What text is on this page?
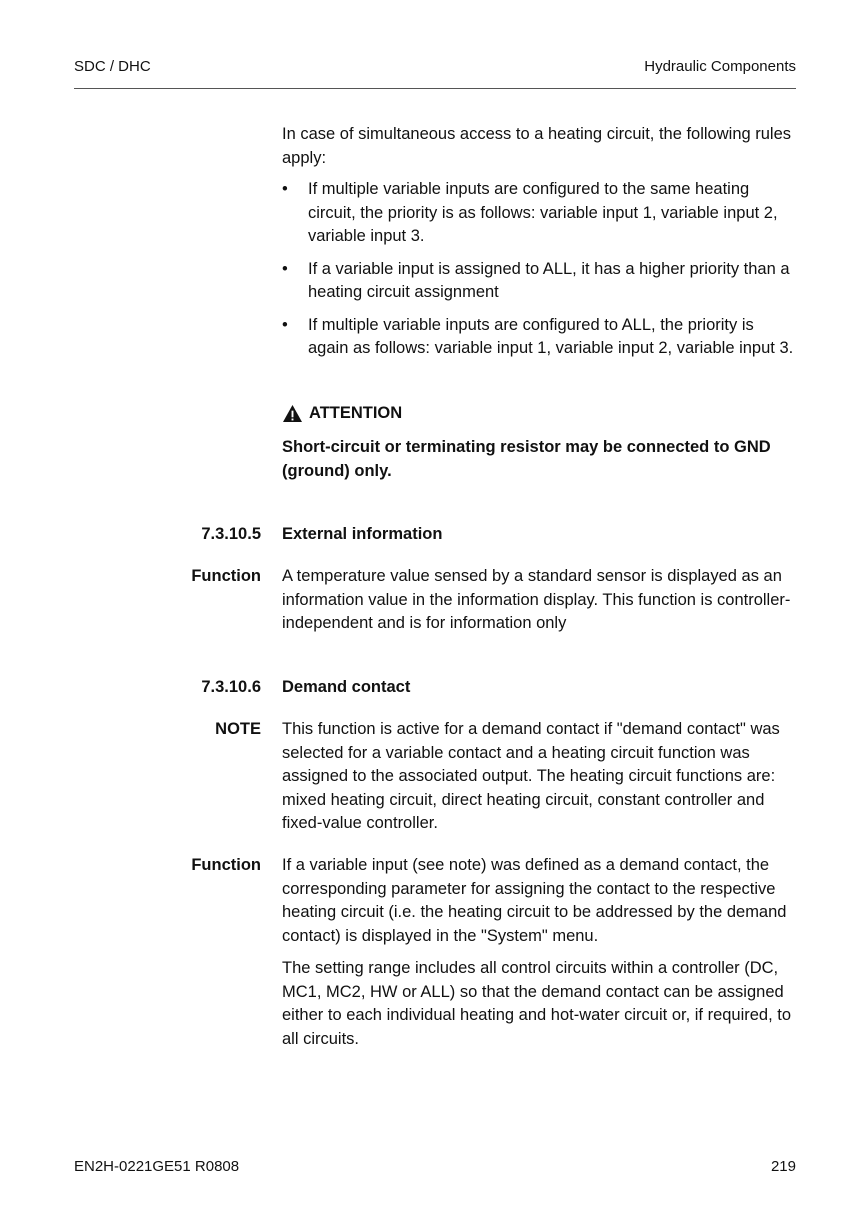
SDC / DHC	Hydraulic Components

In case of simultaneous access to a heating circuit, the following rules apply:

• If multiple variable inputs are configured to the same heating circuit, the priority is as follows: variable input 1, variable input 2, variable input 3.
• If a variable input is assigned to ALL, it has a higher priority than a heating circuit assignment
• If multiple variable inputs are configured to ALL, the priority is again as follows: variable input 1, variable input 2, variable input 3.
ATTENTION

Short-circuit or terminating resistor may be connected to GND (ground) only.

7.3.10.5 External information
Function A temperature value sensed by a standard sensor is displayed as an information value in the information display. This function is controller-independent and is for information only

7.3.10.6 Demand contact
NOTE This function is active for a demand contact if "demand contact" was selected for a variable contact and a heating circuit function was assigned to the associated output. The heating circuit functions are: mixed heating circuit, direct heating circuit, constant controller and fixed-value controller.

Function If a variable input (see note) was defined as a demand contact, the corresponding parameter for assigning the contact to the respective heating circuit (i.e. the heating circuit to be addressed by the demand contact) is displayed in the "System" menu.

The setting range includes all control circuits within a controller (DC, MC1, MC2, HW or ALL) so that the demand contact can be assigned either to each individual heating and hot-water circuit or, if required, to all circuits.

EN2H-0221GE51 R0808	219
